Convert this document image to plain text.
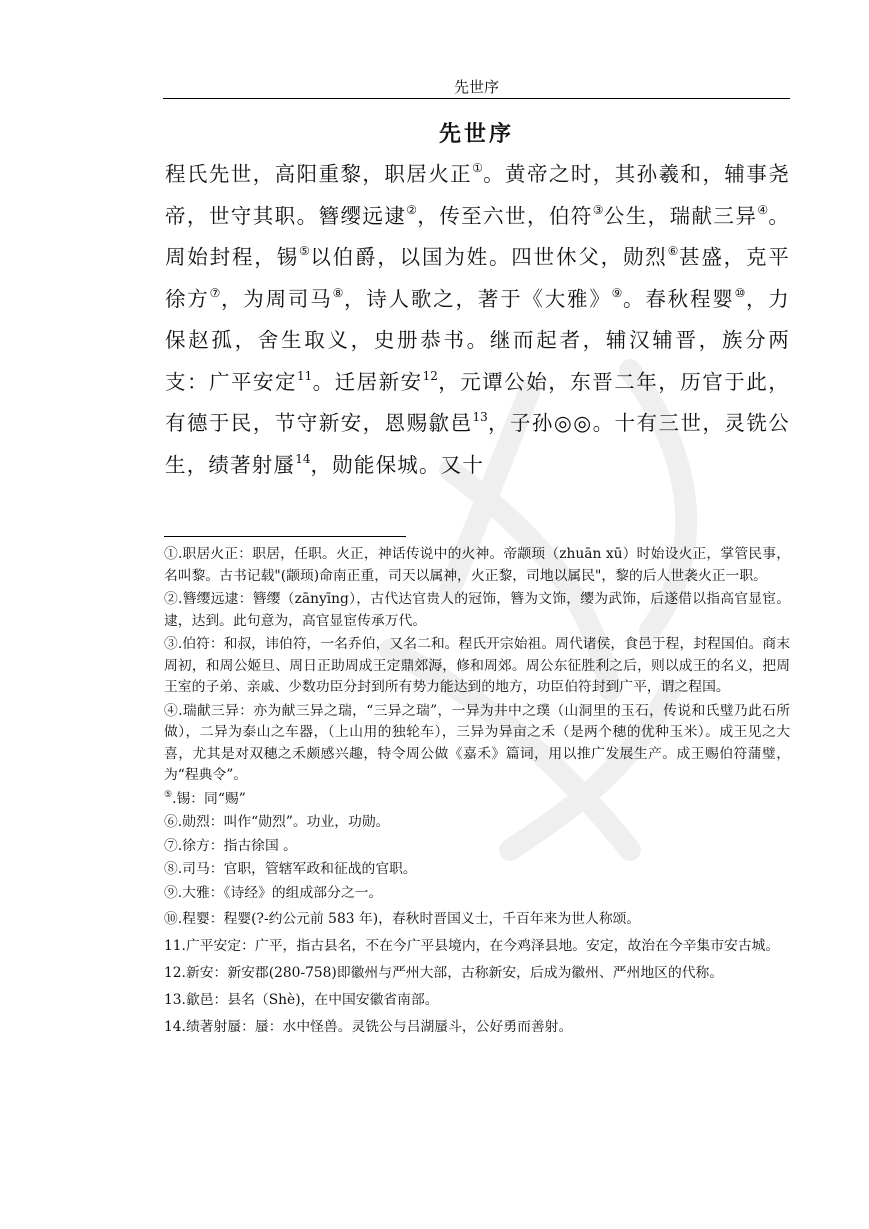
先世序
先世序
程氏先世，高阳重黎，职居火正①。黄帝之时，其孙羲和，辅事尧帝，世守其职。簪缨远逮②，传至六世，伯符③公生，瑞献三异④。周始封程，锡⑤以伯爵，以国为姓。四世休父，勋烈⑥甚盛，克平徐方⑦，为周司马⑧，诗人歌之，著于《大雅》⑨。春秋程婴⑩，力保赵孤，舍生取义，史册恭书。继而起者，辅汉辅晋，族分两支：广平安定$^{11}$。迁居新安$^{12}$，元谭公始，东晋二年，历官于此，有德于民，节守新安，恩赐歙邑$^{13}$，子孙◎◎。十有三世，灵铣公生，绩著射蜃$^{14}$，勋能保城。又十
①.职居火正：职居，任职。火正，神话传说中的火神。帝颛顼（zhuān xū）时始设火正，掌管民事，名叫黎。古书记载"(颛顼)命南正重，司天以属神，火正黎，司地以属民"，黎的后人世袭火正一职。
②.簪缨远逮：簪缨（zānyīng），古代达官贵人的冠饰，簪为文饰，缨为武饰，后遂借以指高官显宦。逮，达到。此句意为，高官显宦传承万代。
③.伯符：和叔，讳伯符，一名乔伯，又名二和。程氏开宗始祖。周代诸侯，食邑于程，封程国伯。商末周初，和周公姬旦、周日正助周成王定鼎郊溽，修和周郊。周公东征胜利之后，则以成王的名义，把周王室的子弟、亲戚、少数功臣分封到所有势力能达到的地方，功臣伯符封到广平，谓之程国。
④.瑞献三异：亦为献三异之瑞，“三异之瑞”，一异为井中之璞（山洞里的玉石，传说和氏璧乃此石所做），二异为泰山之车器，（上山用的独轮车），三异为异亩之禾（是两个穗的优种玉米）。成王见之大喜，尤其是对双穗之禾颇感兴趣，特令周公做《嘉禾》篇词，用以推广发展生产。成王赐伯符蒲璧，为“程典令”。
⑤.锡：同“赐”
⑥.勋烈：叫作“勋烈”。功业，功勋。
⑦.徐方：指古徐国 。
⑧.司马：官职，管辖军政和征战的官职。
⑨.大雅：《诗经》的组成部分之一。
⑩.程婴：程婴(?-约公元前 583 年)，春秋时晋国义士，千百年来为世人称颂。
11.广平安定：广平，指古县名，不在今广平县境内，在今鸡泽县地。安定，故治在今辛集市安古城。
12.新安：新安郡(280-758)即徽州与严州大部，古称新安，后成为徽州、严州地区的代称。
13.歙邑：县名（Shè)，在中国安徽省南部。
14.绩著射蜃：蜃：水中怪兽。灵铣公与吕湖蜃斗，公好勇而善射。
